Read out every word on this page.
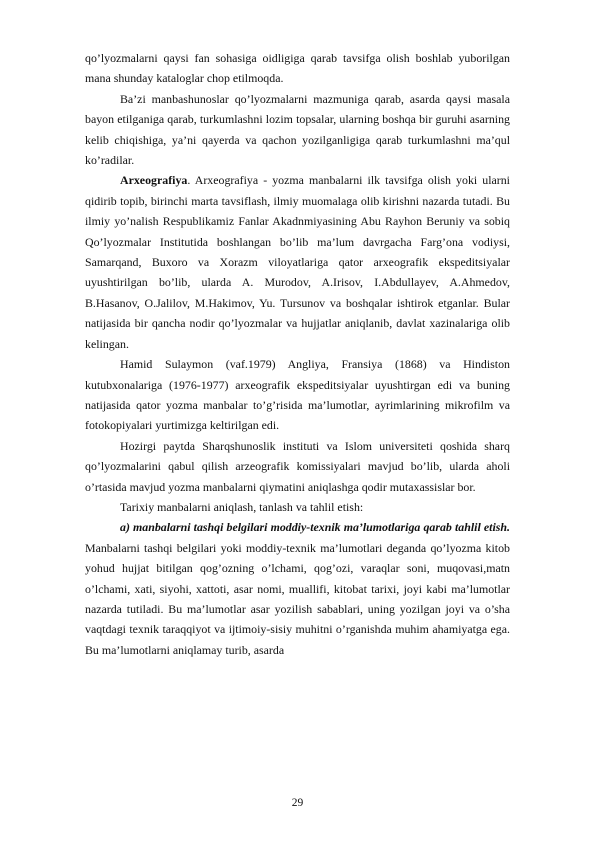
qo’lyozmalarni qaysi fan sohasiga oidligiga qarab tavsifga olish boshlab yuborilgan mana shunday kataloglar chop etilmoqda.

Ba’zi manbashunoslar qo’lyozmalarni mazmuniga qarab, asarda qaysi masala bayon etilganiga qarab, turkumlashni lozim topsalar, ularning boshqa bir guruhi asarning kelib chiqishiga, ya’ni qayerda va qachon yozilganligiga qarab turkumlashni ma’qul ko’radilar.

Arxeografiya. Arxeografiya - yozma manbalarni ilk tavsifga olish yoki ularni qidirib topib, birinchi marta tavsiflash, ilmiy muomalaga olib kirishni nazarda tutadi. Bu ilmiy yo’nalish Respublikamiz Fanlar Akadnmiyasining Abu Rayhon Beruniy va sobiq Qo’lyozmalar Institutida boshlangan bo’lib ma’lum davrgacha Farg’ona vodiysi, Samarqand, Buxoro va Xorazm viloyatlariga qator arxeografik ekspeditsiyalar uyushtirilgan bo’lib, ularda A. Murodov, A.Irisov, I.Abdullayev, A.Ahmedov, B.Hasanov, O.Jalilov, M.Hakimov, Yu. Tursunov va boshqalar ishtirok etganlar. Bular natijasida bir qancha nodir qo’lyozmalar va hujjatlar aniqlanib, davlat xazinalariga olib kelingan.

Hamid Sulaymon (vaf.1979) Angliya, Fransiya (1868) va Hindiston kutubxonalariga (1976-1977) arxeografik ekspeditsiyalar uyushtirgan edi va buning natijasida qator yozma manbalar to’g’risida ma’lumotlar, ayrimlarining mikrofilm va fotokopiyalari yurtimizga keltirilgan edi.

Hozirgi paytda Sharqshunoslik instituti va Islom universiteti qoshida sharq qo’lyozmalarini qabul qilish arzeografik komissiyalari mavjud bo’lib, ularda aholi o’rtasida mavjud yozma manbalarni qiymatini aniqlashga qodir mutaxassislar bor.

Tarixiy manbalarni aniqlash, tanlash va tahlil etish:

a) manbalarni tashqi belgilari moddiy-texnik ma’lumotlariga qarab tahlil etish. Manbalarni tashqi belgilari yoki moddiy-texnik ma’lumotlari deganda qo’lyozma kitob yohud hujjat bitilgan qog’ozning o’lchami, qog’ozi, varaqlar soni, muqovasi,matn o’lchami, xati, siyohi, xattoti, asar nomi, muallifi, kitobat tarixi, joyi kabi ma’lumotlar nazarda tutiladi. Bu ma’lumotlar asar yozilish sabablari, uning yozilgan joyi va o’sha vaqtdagi texnik taraqqiyot va ijtimoiy-sisiy muhitni o’rganishda muhim ahamiyatga ega. Bu ma’lumotlarni aniqlamay turib, asarda

29
